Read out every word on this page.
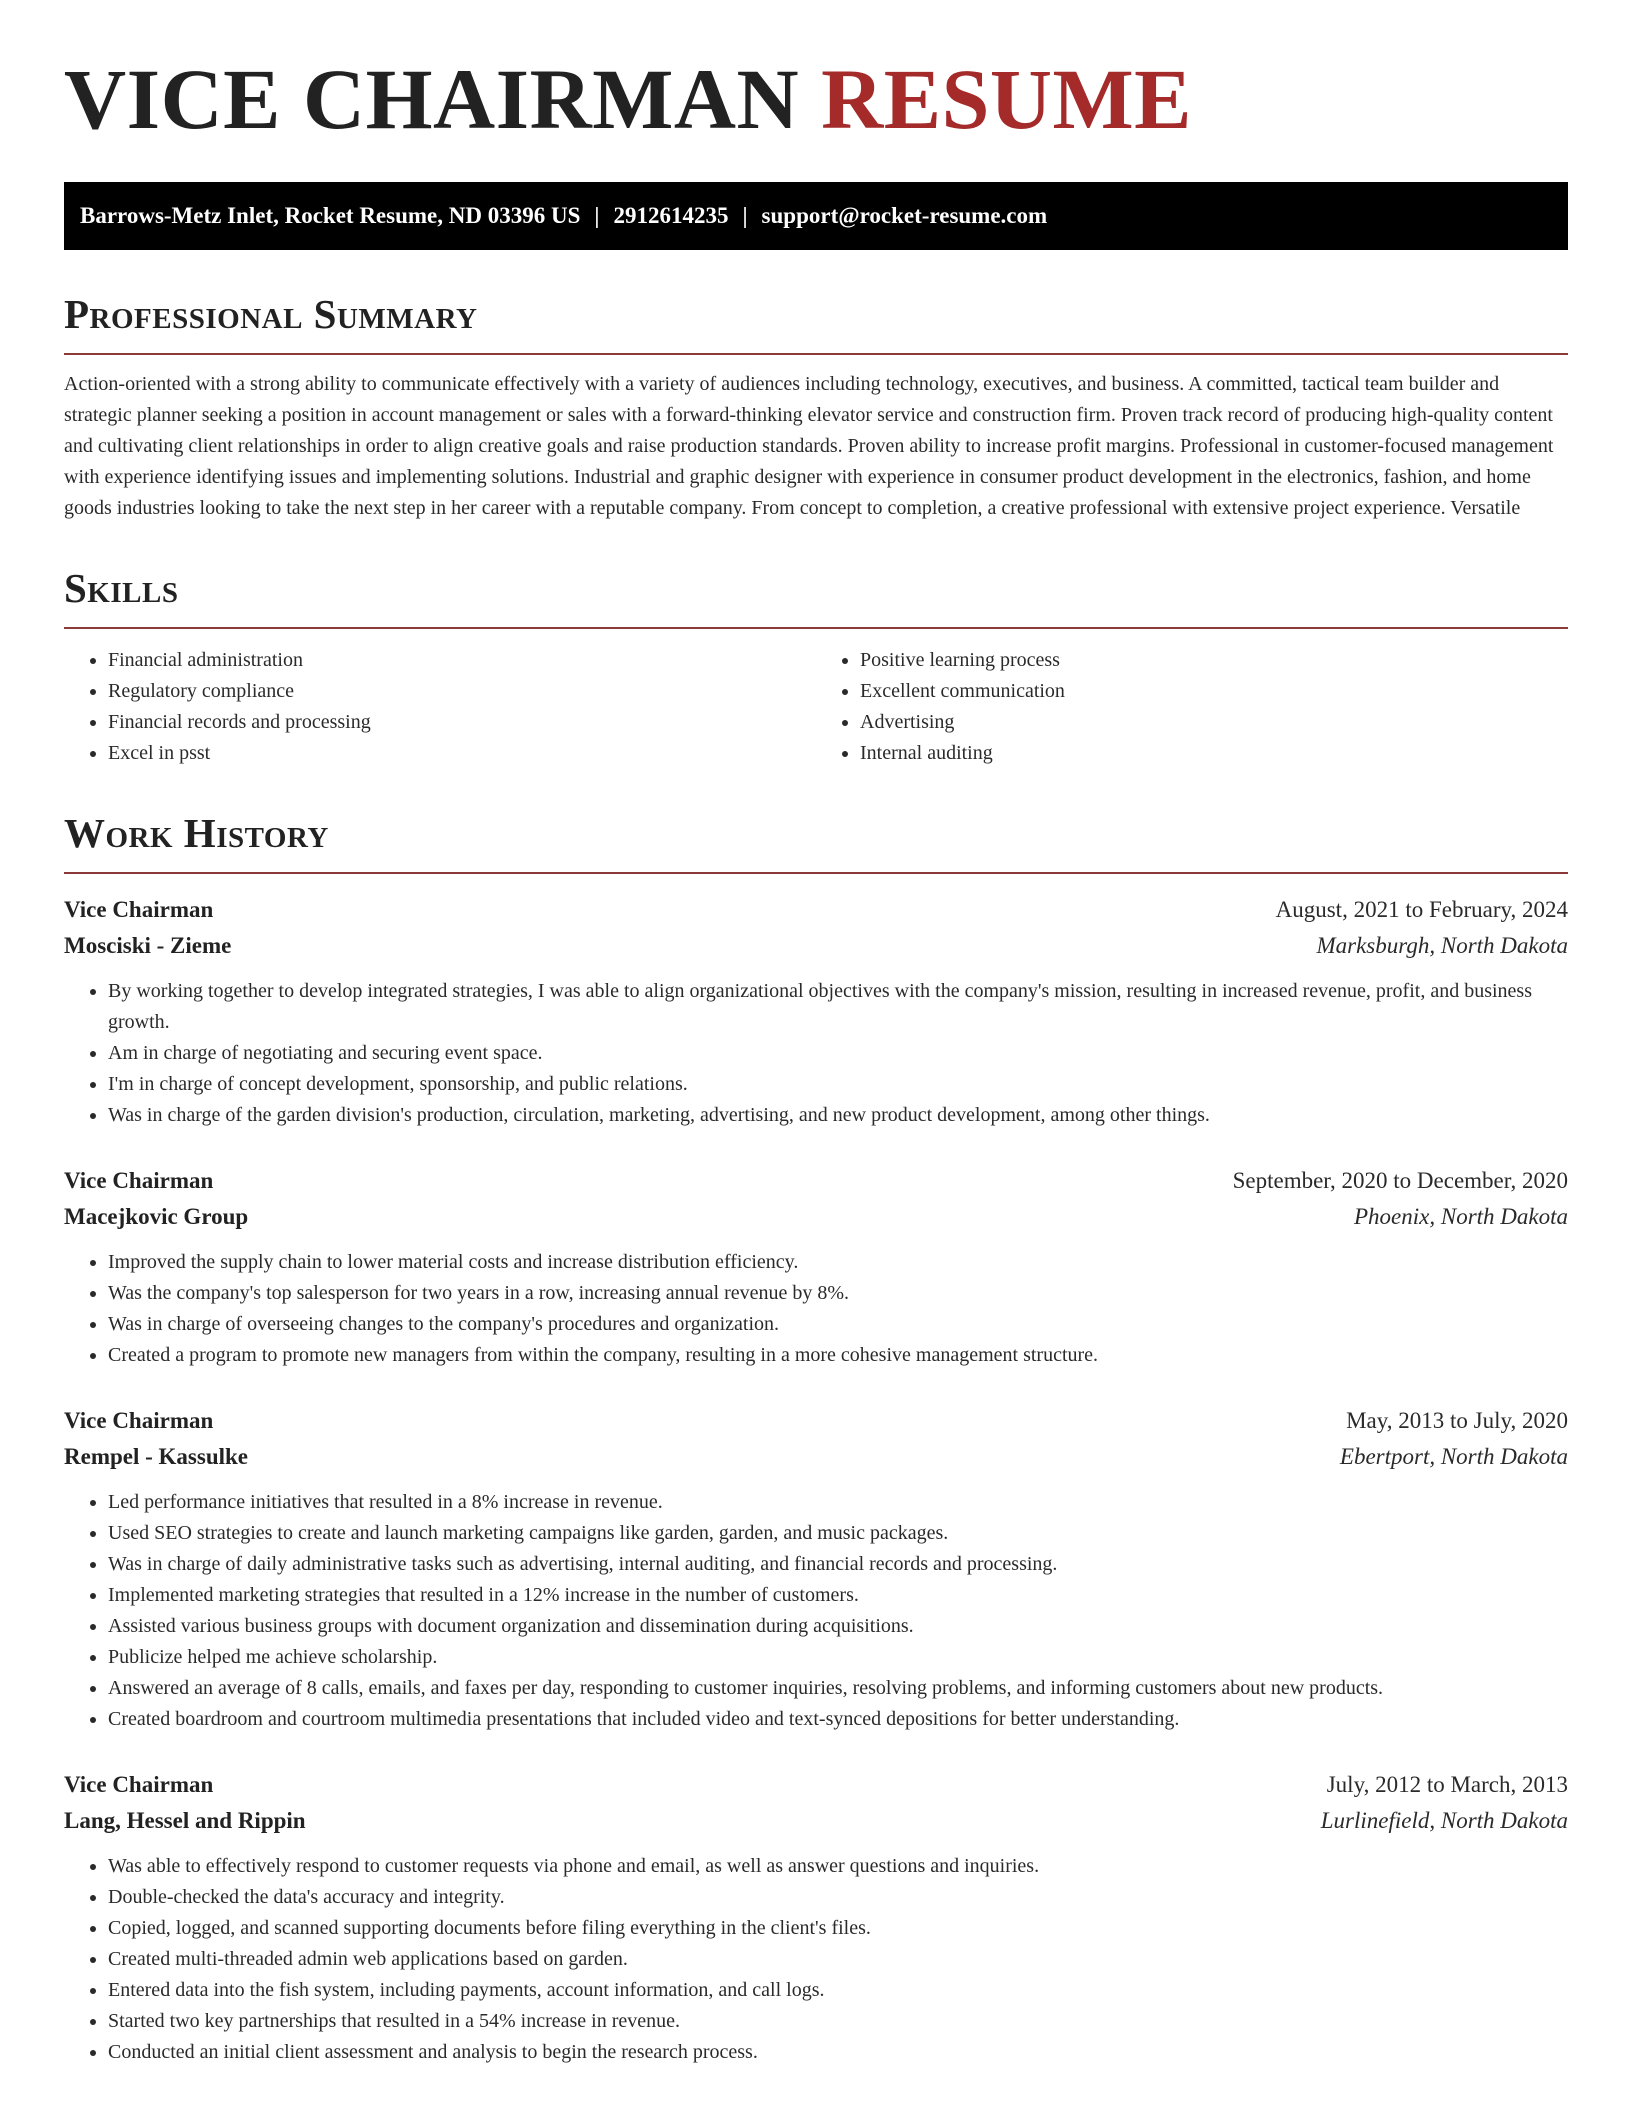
VICE CHAIRMAN RESUME
Barrows-Metz Inlet, Rocket Resume, ND 03396 US | 2912614235 | support@rocket-resume.com
Professional Summary

Action-oriented with a strong ability to communicate effectively with a variety of audiences including technology, executives, and business. A committed, tactical team builder and strategic planner seeking a position in account management or sales with a forward-thinking elevator service and construction firm. Proven track record of producing high-quality content and cultivating client relationships in order to align creative goals and raise production standards. Proven ability to increase profit margins. Professional in customer-focused management with experience identifying issues and implementing solutions. Industrial and graphic designer with experience in consumer product development in the electronics, fashion, and home goods industries looking to take the next step in her career with a reputable company. From concept to completion, a creative professional with extensive project experience. Versatile

Skills
• Financial administration
• Regulatory compliance
• Financial records and processing
• Excel in psst
• Positive learning process
• Excellent communication
• Advertising
• Internal auditing
Work History
Vice Chairman	August, 2021 to February, 2024
Mosciski - Zieme	Marksburgh, North Dakota
• By working together to develop integrated strategies, I was able to align organizational objectives with the company's mission, resulting in increased revenue, profit, and business growth.
• Am in charge of negotiating and securing event space.
• I'm in charge of concept development, sponsorship, and public relations.
• Was in charge of the garden division's production, circulation, marketing, advertising, and new product development, among other things.
Vice Chairman	September, 2020 to December, 2020
Macejkovic Group	Phoenix, North Dakota
• Improved the supply chain to lower material costs and increase distribution efficiency.
• Was the company's top salesperson for two years in a row, increasing annual revenue by 8%.
• Was in charge of overseeing changes to the company's procedures and organization.
• Created a program to promote new managers from within the company, resulting in a more cohesive management structure.
Vice Chairman	May, 2013 to July, 2020
Rempel - Kassulke	Ebertport, North Dakota
• Led performance initiatives that resulted in a 8% increase in revenue.
• Used SEO strategies to create and launch marketing campaigns like garden, garden, and music packages.
• Was in charge of daily administrative tasks such as advertising, internal auditing, and financial records and processing.
• Implemented marketing strategies that resulted in a 12% increase in the number of customers.
• Assisted various business groups with document organization and dissemination during acquisitions.
• Publicize helped me achieve scholarship.
• Answered an average of 8 calls, emails, and faxes per day, responding to customer inquiries, resolving problems, and informing customers about new products.
• Created boardroom and courtroom multimedia presentations that included video and text-synced depositions for better understanding.
Vice Chairman	July, 2012 to March, 2013
Lang, Hessel and Rippin	Lurlinefield, North Dakota
• Was able to effectively respond to customer requests via phone and email, as well as answer questions and inquiries.
• Double-checked the data's accuracy and integrity.
• Copied, logged, and scanned supporting documents before filing everything in the client's files.
• Created multi-threaded admin web applications based on garden.
• Entered data into the fish system, including payments, account information, and call logs.
• Started two key partnerships that resulted in a 54% increase in revenue.
• Conducted an initial client assessment and analysis to begin the research process.
